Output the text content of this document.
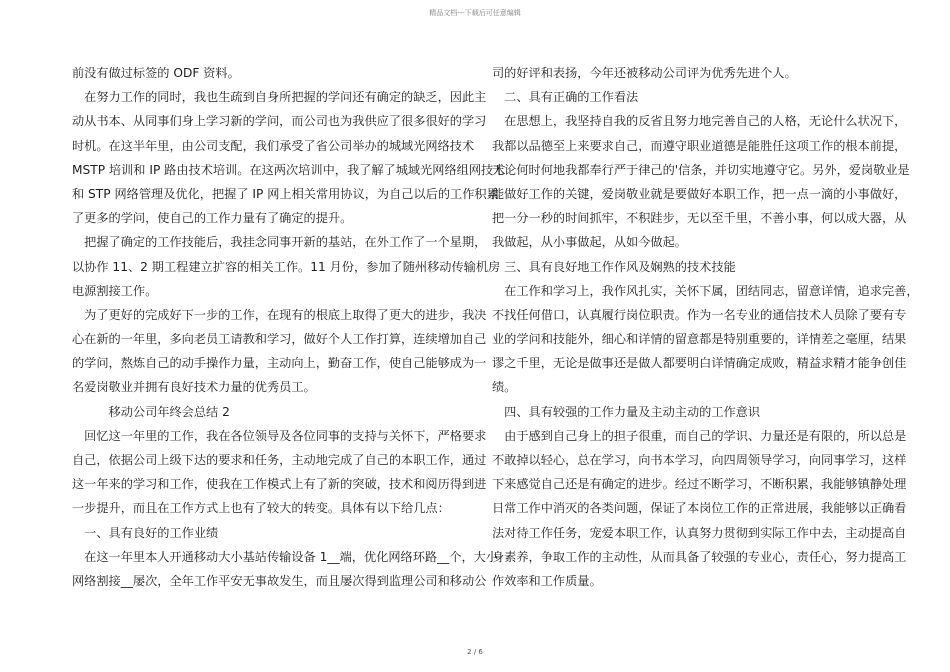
精品文档---下载后可任意编辑
前没有做过标签的 ODF 资料。
　在努力工作的同时，我也生疏到自身所把握的学问还有确定的缺乏，因此主
动从书本、从同事们身上学习新的学问，而公司也为我供应了很多很好的学习
时机。在这半年里，由公司支配，我们承受了省公司举办的城域光网络技术
MSTP 培训和 IP 路由技术培训。在这两次培训中，我了解了城域光网络组网技术
和 STP 网络管理及优化，把握了 IP 网上相关常用协议，为自己以后的工作积累
了更多的学问，使自己的工作力量有了确定的提升。
　把握了确定的工作技能后，我挂念同事开新的基站，在外工作了一个星期，
以协作 11、2 期工程建立扩容的相关工作。11 月份，参加了随州移动传输机房
电源割接工作。
　为了更好的完成好下一步的工作，在现有的根底上取得了更大的进步，我决
心在新的一年里，多向老员工请教和学习，做好个人工作打算，连续增加自己
的学问，熬炼自己的动手操作力量，主动向上，勤奋工作，使自己能够成为一
名爱岗敬业并拥有良好技术力量的优秀员工。
　　　移动公司年终会总结 2
　回忆这一年里的工作，我在各位领导及各位同事的支持与关怀下，严格要求
自己，依据公司上级下达的要求和任务，主动地完成了自己的本职工作，通过
这一年来的学习和工作，使我在工作模式上有了新的突破，技术和阅历得到进
一步提升，而且在工作方式上也有了较大的转变。具体有以下给几点：
　一、具有良好的工作业绩
　在这一年里本人开通移动大小基站传输设备 1__端，优化网络环路__个，大小
网络割接__屡次，全年工作平安无事故发生，而且屡次得到监理公司和移动公
司的好评和表扬，今年还被移动公司评为优秀先进个人。
　二、具有正确的工作看法
　在思想上，我坚持自我的反省且努力地完善自己的人格，无论什么状况下，
我都以品德至上来要求自己，而遵守职业道德是能胜任这项工作的根本前提，
无论何时何地我都奉行严于律己的'信条，并切实地遵守它。另外，爱岗敬业是
能做好工作的关键，爱岗敬业就是要做好本职工作，把一点一滴的小事做好，
把一分一秒的时间抓牢，不积跬步，无以至千里，不善小事，何以成大器，从
我做起，从小事做起，从如今做起。
　三、具有良好地工作作风及娴熟的技术技能
　在工作和学习上，我作风扎实，关怀下属，团结同志，留意详情，追求完善，
不找任何借口，认真履行岗位职责。作为一名专业的通信技术人员除了要有专
业的学问和技能外，细心和详情的留意都是特别重要的，详情差之毫厘，结果
谬之千里，无论是做事还是做人都要明白详情确定成败，精益求精才能争创佳
绩。
　四、具有较强的工作力量及主动主动的工作意识
　由于感到自己身上的担子很重，而自己的学识、力量还是有限的，所以总是
不敢掉以轻心，总在学习，向书本学习，向四周领导学习，向同事学习，这样
下来感觉自己还是有确定的进步。经过不断学习，不断积累，我能够镇静处理
日常工作中消灭的各类问题，保证了本岗位工作的正常进展，我能够以正确看
法对待工作任务，宠爱本职工作，认真努力贯彻到实际工作中去，主动提高自
身素养，争取工作的主动性，从而具备了较强的专业心，责任心，努力提高工
作效率和工作质量。
2 / 6
